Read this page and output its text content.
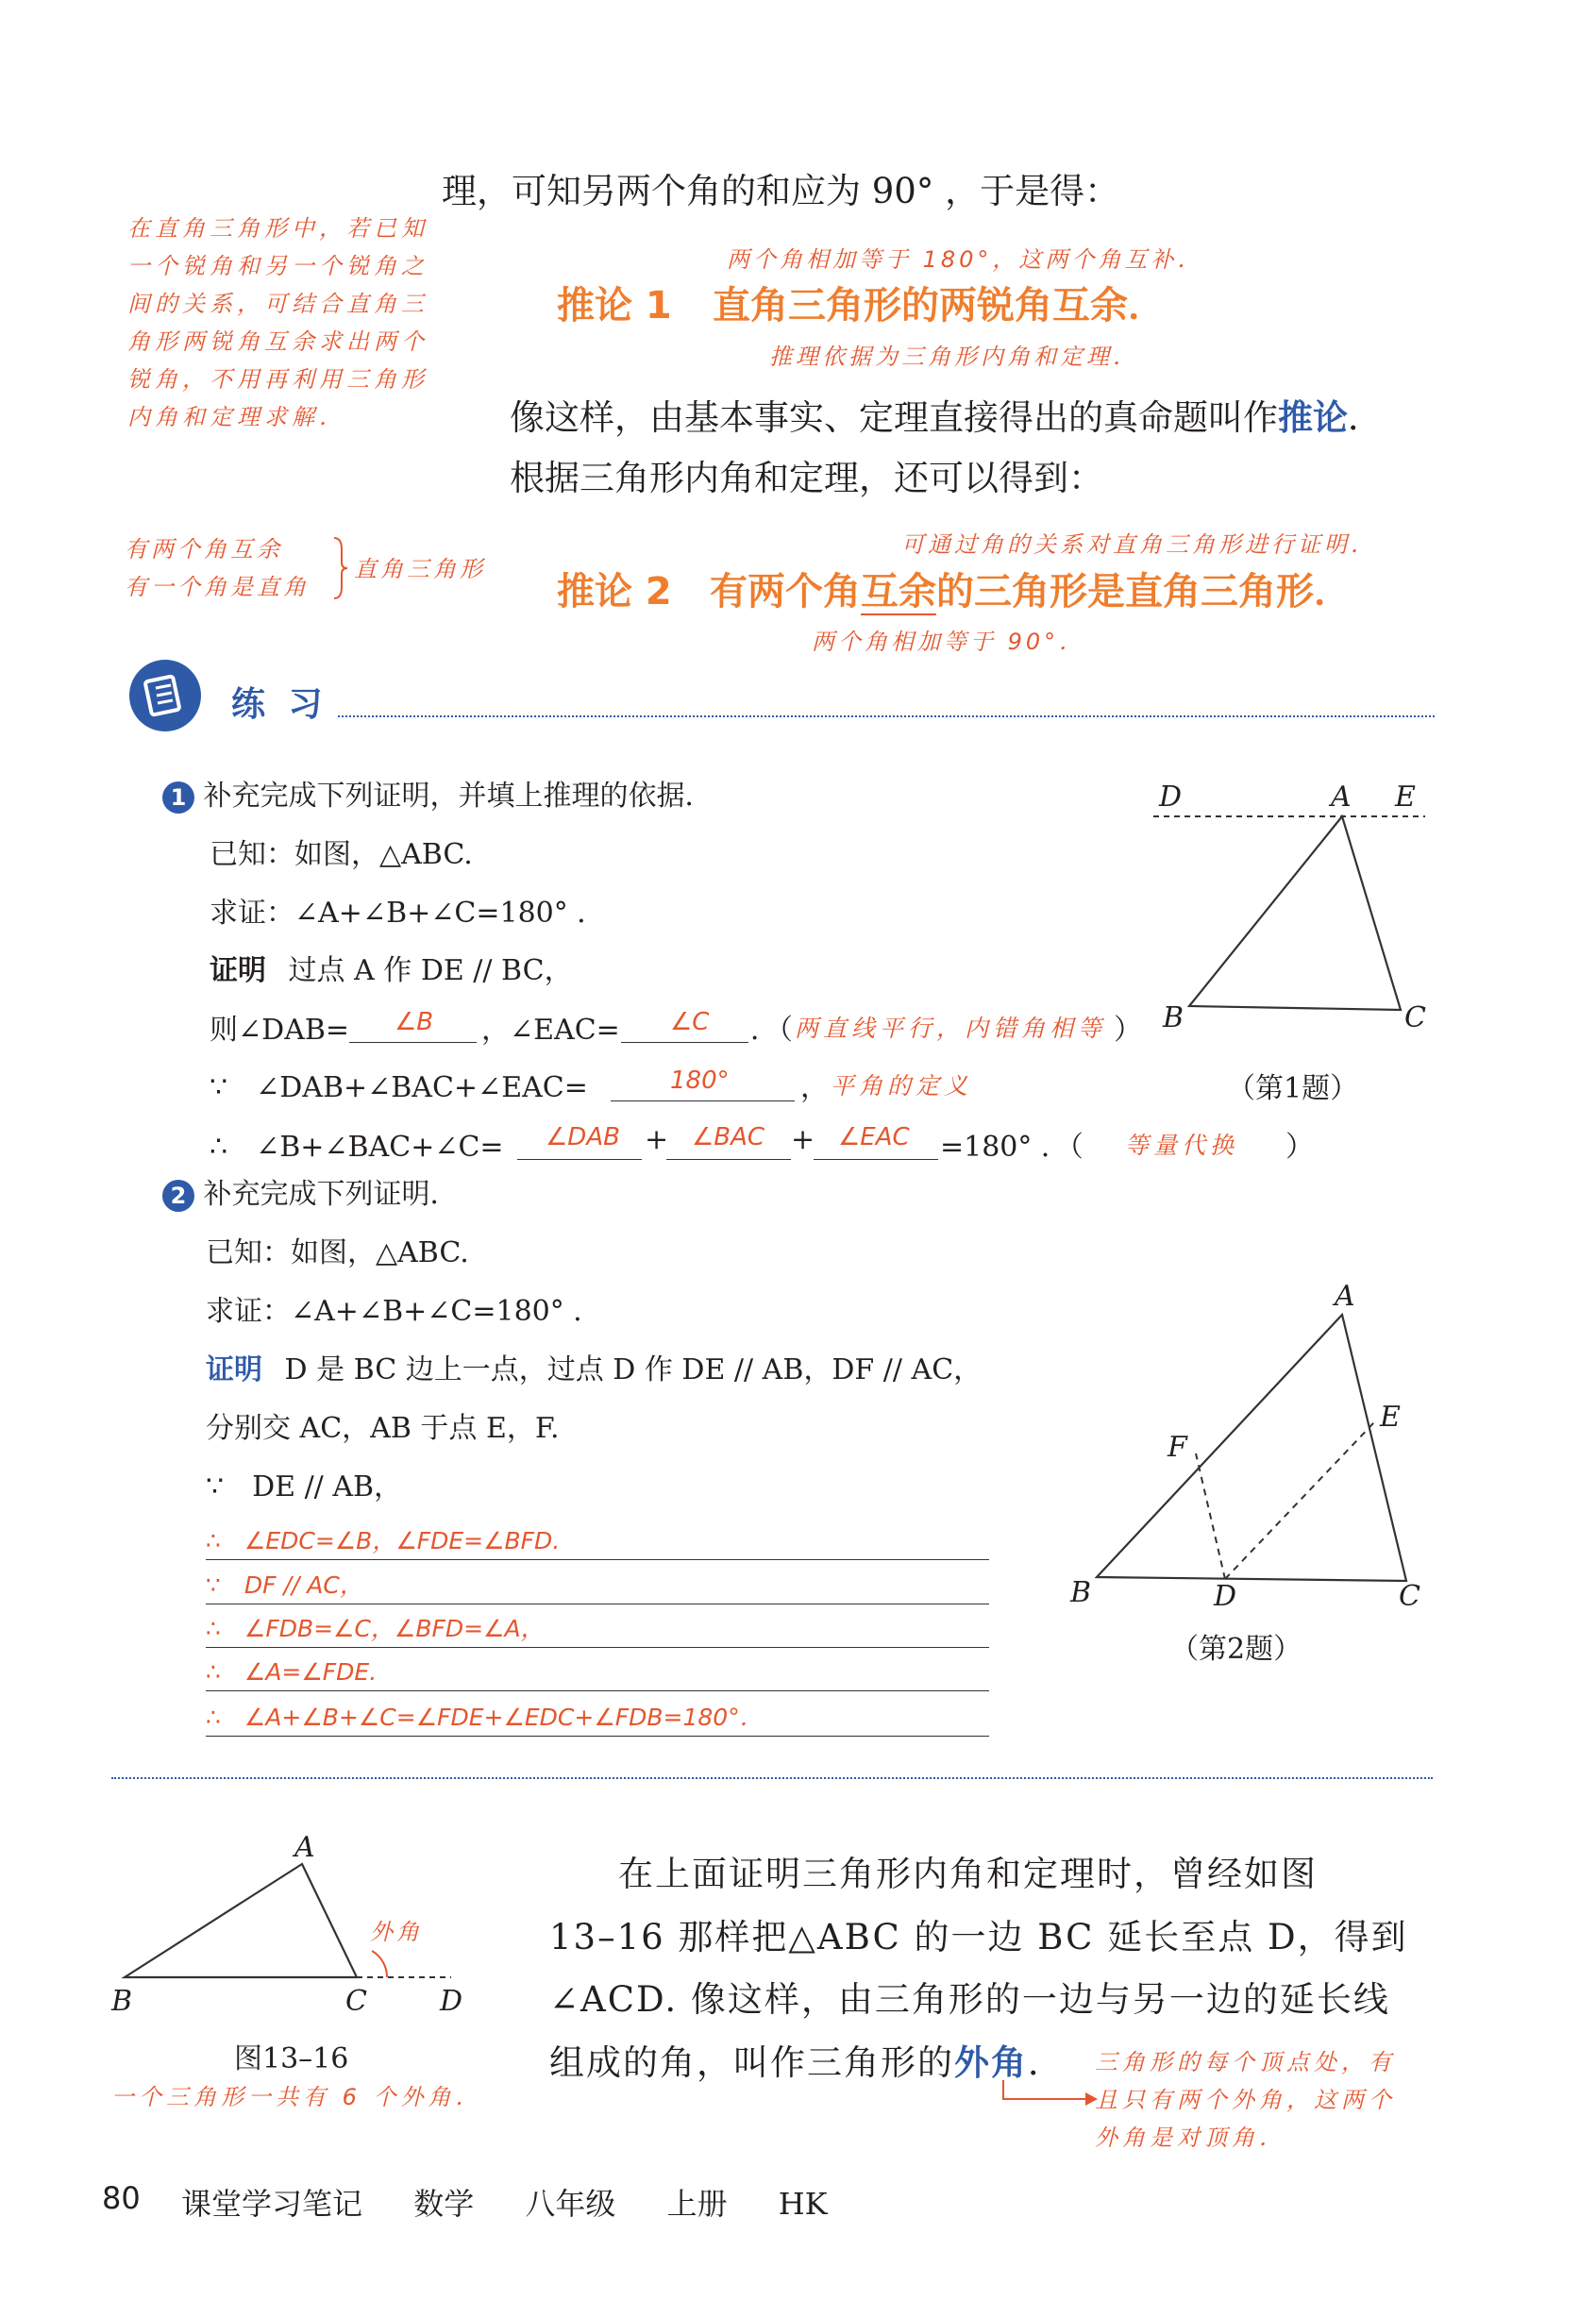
理，可知另两个角的和应为 90° ，于是得：
在直角三角形中，若已知
一个锐角和另一个锐角之
间的关系，可结合直角三
角形两锐角互余求出两个
锐角，不用再利用三角形
内角和定理求解．
两个角相加等于 180°，这两个角互补．
推论 1 直角三角形的两锐角互余．
推理依据为三角形内角和定理．
像这样，由基本事实、定理直接得出的真命题叫作推论．
根据三角形内角和定理，还可以得到：
有两个角互余
有一个角是直角
直角三角形
可通过角的关系对直角三角形进行证明．
推论 2 有两个角互余的三角形是直角三角形．
两个角相加等于 90°．
练 习
1 补充完成下列证明，并填上推理的依据．
已知：如图，△ABC.
求证：∠A+∠B+∠C=180° ．
证明 过点 A 作 DE // BC，
则∠DAB= ∠B ，∠EAC= ∠C ．（ 两直线平行，内错角相等 ）
∵　∠DAB+∠BAC+∠EAC=	180°	， 平角的定义
∴　∠B+∠BAC+∠C= ∠DAB + ∠BAC + ∠EAC =180° ．（ 等量代换 ）
D	A E
B	C
（第1题）
2 补充完成下列证明．
已知：如图，△ABC.
求证：∠A+∠B+∠C=180° ．
证明 D 是 BC 边上一点，过点 D 作 DE // AB，DF // AC，
分别交 AC，AB 于点 E，F.
∵　DE // AB，
∴　∠EDC=∠B，∠FDE=∠BFD.
∵　DF // AC，
∴　∠FDB=∠C，∠BFD=∠A，
∴　∠A=∠FDE.
∴　∠A+∠B+∠C=∠FDE+∠EDC+∠FDB=180°．
A
E
F
B	D	C
（第2题）
A
B	C	D
外角
图13–16
一个三角形一共有 6 个外角．
在上面证明三角形内角和定理时，曾经如图
13–16 那样把△ABC 的一边 BC 延长至点 D，得到
∠ACD. 像这样，由三角形的一边与另一边的延长线
组成的角，叫作三角形的外角． 三角形的每个顶点处，有
且只有两个外角，这两个
外角是对顶角．
80 课堂学习笔记 数学 八年级 上册 HK
